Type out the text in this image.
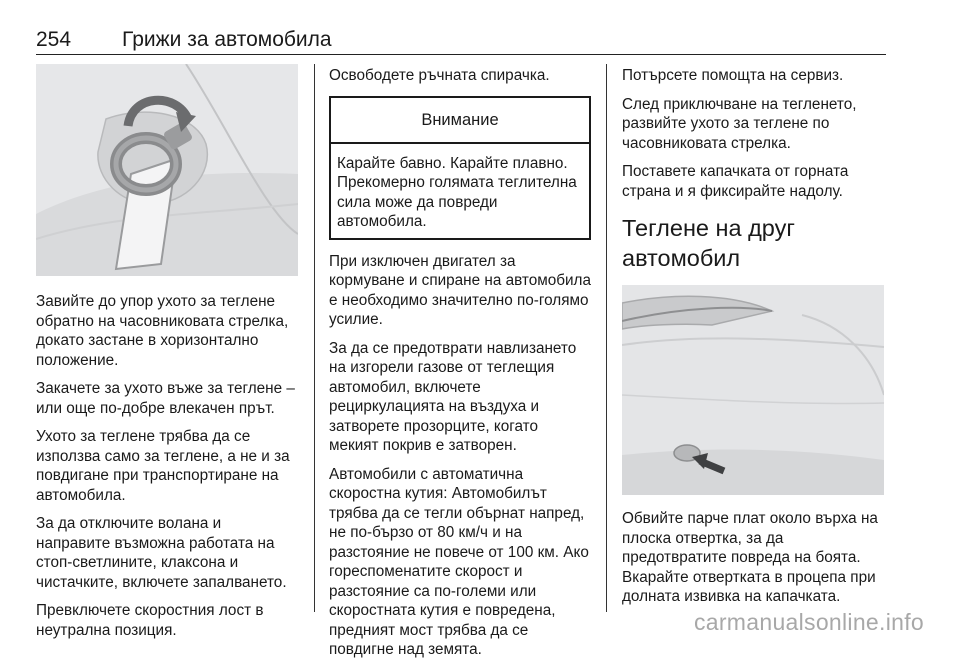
254 Грижи за автомобила

Завийте до упор ухото за теглене обратно на часовниковата стрелка, докато застане в хоризонтално положение.

Закачете за ухото въже за теглене – или още по-добре влекачен прът.

Ухото за теглене трябва да се използва само за теглене, а не и за повдигане при транспортиране на автомобила.

За да отключите волана и направите възможна работата на стоп-светлините, клаксона и чистачките, включете запалването.

Превключете скоростния лост в неутрална позиция.

Освободете ръчната спирачка.

Внимание

Карайте бавно. Карайте плавно. Прекомерно голямата теглителна сила може да повреди автомобила.

При изключен двигател за кормуване и спиране на автомобила е необходимо значително по-голямо усилие.

За да се предотврати навлизането на изгорели газове от теглещия автомобил, включете рециркулацията на въздуха и затворете прозорците, когато мекият покрив е затворен.

Автомобили с автоматична скоростна кутия: Автомобилът трябва да се тегли обърнат напред, не по-бързо от 80 км/ч и на разстояние не повече от 100 км. Ако гореспоменатите скорост и разстояние са по-големи или скоростната кутия е повредена, предният мост трябва да се повдигне над земята.

Потърсете помощта на сервиз.

След приключване на тегленето, развийте ухото за теглене по часовниковата стрелка.

Поставете капачката от горната страна и я фиксирайте надолу.

Теглене на друг автомобил

Обвийте парче плат около върха на плоска отвертка, за да предотвратите повреда на боята. Вкарайте отвертката в процепа при долната извивка на капачката.

carmanualsonline.info
